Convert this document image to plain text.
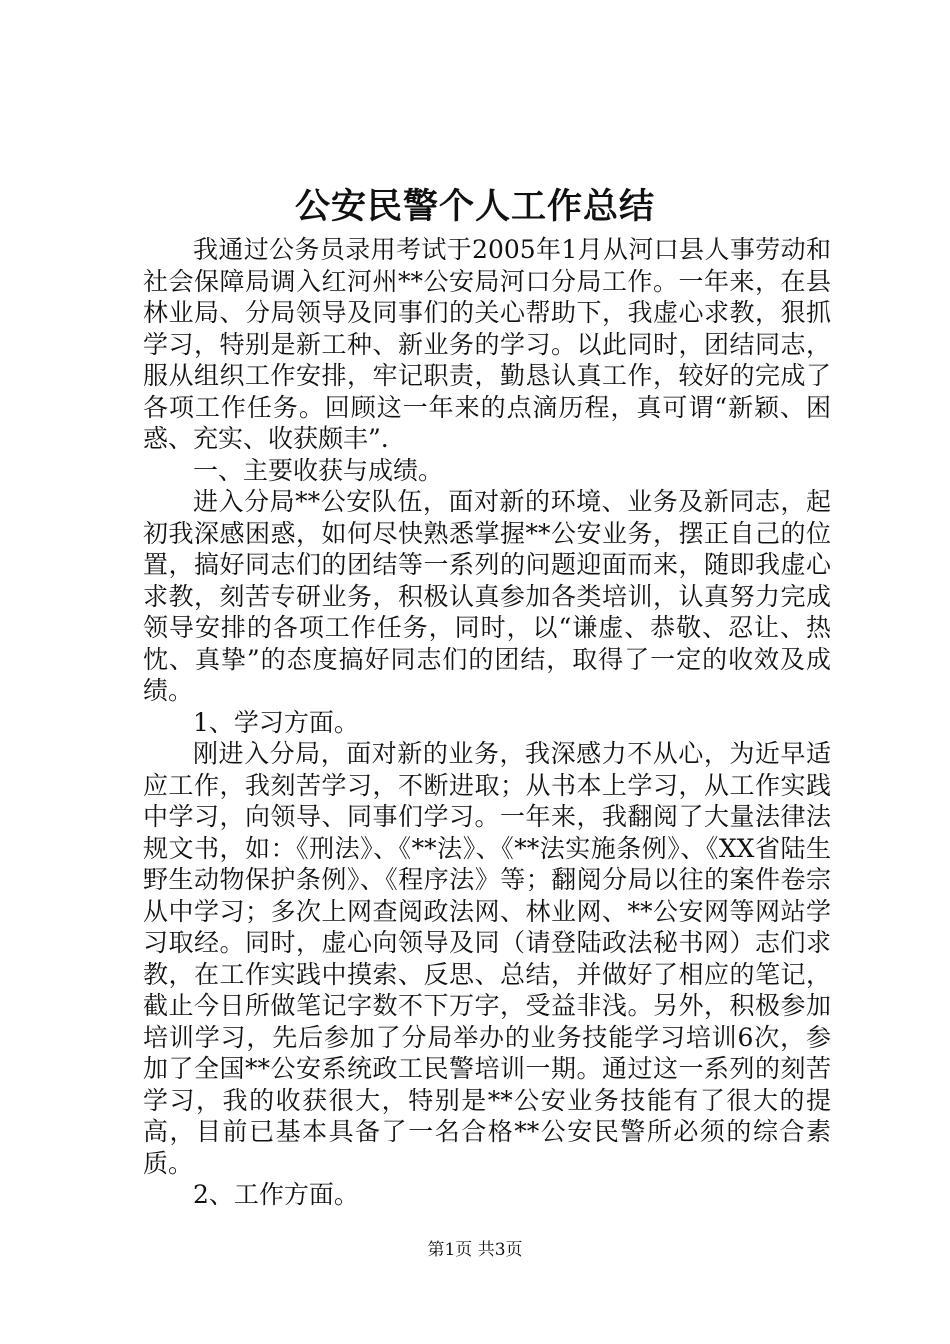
公安民警个人工作总结

我通过公务员录用考试于2005年1月从河口县人事劳动和社会保障局调入红河州**公安局河口分局工作。一年来，在县林业局、分局领导及同事们的关心帮助下，我虚心求教，狠抓学习，特别是新工种、新业务的学习。以此同时，团结同志，服从组织工作安排，牢记职责，勤恳认真工作，较好的完成了各项工作任务。回顾这一年来的点滴历程，真可谓“新颖、困惑、充实、收获颇丰”.

一、主要收获与成绩。

进入分局**公安队伍，面对新的环境、业务及新同志，起初我深感困惑，如何尽快熟悉掌握**公安业务，摆正自己的位置，搞好同志们的团结等一系列的问题迎面而来，随即我虚心求教，刻苦专研业务，积极认真参加各类培训，认真努力完成领导安排的各项工作任务，同时，以“谦虚、恭敬、忍让、热忱、真挚”的态度搞好同志们的团结，取得了一定的收效及成绩。

1、学习方面。

刚进入分局，面对新的业务，我深感力不从心，为近早适应工作，我刻苦学习，不断进取；从书本上学习，从工作实践中学习，向领导、同事们学习。一年来，我翻阅了大量法律法规文书，如：《刑法》、《**法》、《**法实施条例》、《XX省陆生野生动物保护条例》、《程序法》等；翻阅分局以往的案件卷宗从中学习；多次上网查阅政法网、林业网、**公安网等网站学习取经。同时，虚心向领导及同（请登陆政法秘书网）志们求教，在工作实践中摸索、反思、总结，并做好了相应的笔记，截止今日所做笔记字数不下万字，受益非浅。另外，积极参加培训学习，先后参加了分局举办的业务技能学习培训6次，参加了全国**公安系统政工民警培训一期。通过这一系列的刻苦学习，我的收获很大，特别是**公安业务技能有了很大的提高，目前已基本具备了一名合格**公安民警所必须的综合素质。

2、工作方面。

第1页 共3页
